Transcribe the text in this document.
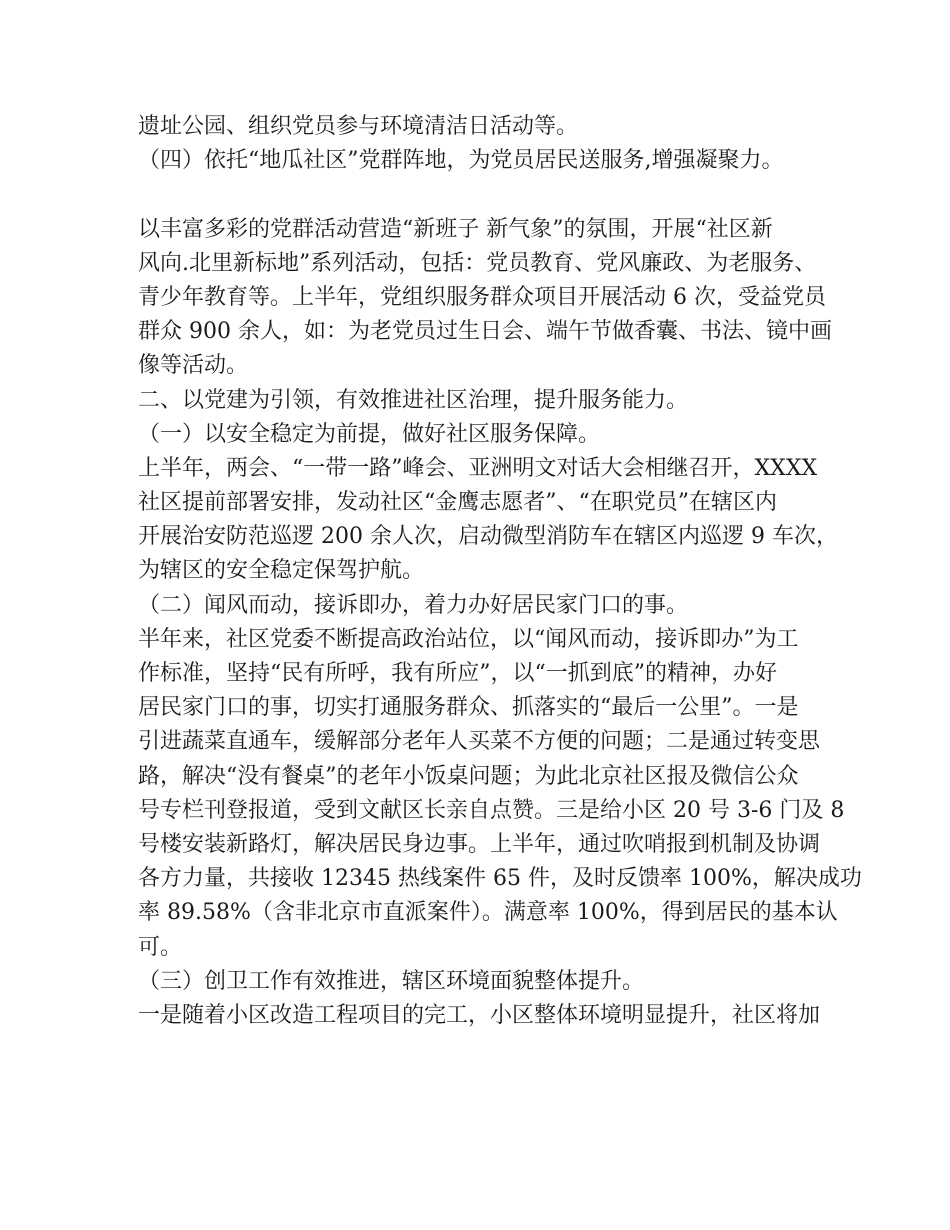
遗址公园、组织党员参与环境清洁日活动等。
（四）依托“地瓜社区”党群阵地，为党员居民送服务,增强凝聚力。
以丰富多彩的党群活动营造“新班子 新气象”的氛围，开展“社区新
风向.北里新标地”系列活动，包括：党员教育、党风廉政、为老服务、
青少年教育等。上半年，党组织服务群众项目开展活动 6 次，受益党员
群众 900 余人，如：为老党员过生日会、端午节做香囊、书法、镜中画
像等活动。
二、以党建为引领，有效推进社区治理，提升服务能力。
（一）以安全稳定为前提，做好社区服务保障。
上半年，两会、“一带一路”峰会、亚洲明文对话大会相继召开，XXXX
社区提前部署安排，发动社区“金鹰志愿者”、“在职党员”在辖区内
开展治安防范巡逻 200 余人次，启动微型消防车在辖区内巡逻 9 车次，
为辖区的安全稳定保驾护航。
（二）闻风而动，接诉即办，着力办好居民家门口的事。
半年来，社区党委不断提高政治站位，以“闻风而动，接诉即办”为工
作标准，坚持“民有所呼，我有所应”，以“一抓到底”的精神，办好
居民家门口的事，切实打通服务群众、抓落实的“最后一公里”。一是
引进蔬菜直通车，缓解部分老年人买菜不方便的问题；二是通过转变思
路，解决“没有餐桌”的老年小饭桌问题；为此北京社区报及微信公众
号专栏刊登报道，受到文献区长亲自点赞。三是给小区 20 号 3-6 门及 8
号楼安装新路灯，解决居民身边事。上半年，通过吹哨报到机制及协调
各方力量，共接收 12345 热线案件 65 件，及时反馈率 100%，解决成功
率 89.58%（含非北京市直派案件）。满意率 100%，得到居民的基本认
可。
（三）创卫工作有效推进，辖区环境面貌整体提升。
一是随着小区改造工程项目的完工，小区整体环境明显提升，社区将加
